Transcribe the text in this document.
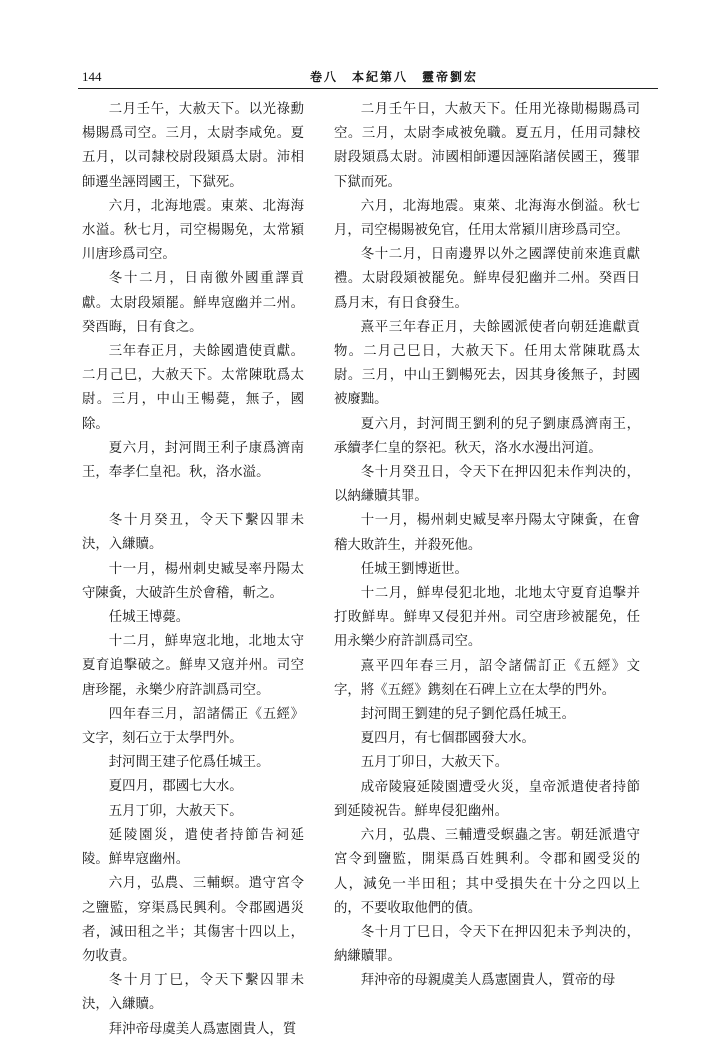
144	卷八　本紀第八　靈帝劉宏

二月壬午，大赦天下。以光祿勳楊賜爲司空。三月，太尉李咸免。夏五月，以司隸校尉段熲爲太尉。沛相師遷坐誣罔國王，下獄死。

六月，北海地震。東萊、北海海水溢。秋七月，司空楊賜免，太常潁川唐珍爲司空。

冬十二月，日南徼外國重譯貢獻。太尉段熲罷。鮮卑寇幽并二州。癸酉晦，日有食之。

三年春正月，夫餘國遣使貢獻。二月己巳，大赦天下。太常陳耽爲太尉。三月，中山王暢薨，無子，國除。

夏六月，封河間王利子康爲濟南王，奉孝仁皇祀。秋，洛水溢。

冬十月癸丑，令天下繫囚罪未決，入縑贖。

十一月，楊州刺史臧旻率丹陽太守陳夤，大破許生於會稽，斬之。

任城王博薨。

十二月，鮮卑寇北地，北地太守夏育追擊破之。鮮卑又寇并州。司空唐珍罷，永樂少府許訓爲司空。

四年春三月，詔諸儒正《五經》文字，刻石立于太學門外。

封河間王建子佗爲任城王。

夏四月，郡國七大水。

五月丁卯，大赦天下。

延陵園災，遣使者持節告祠延陵。鮮卑寇幽州。

六月，弘農、三輔螟。遣守宮令之鹽監，穿渠爲民興利。令郡國遇災者，減田租之半；其傷害十四以上，勿收責。

冬十月丁巳，令天下繫囚罪未決，入縑贖。

拜沖帝母虞美人爲憲園貴人，質

二月壬午日，大赦天下。任用光祿勛楊賜爲司空。三月，太尉李咸被免職。夏五月，任用司隸校尉段熲爲太尉。沛國相師遷因誣陷諸侯國王，獲罪下獄而死。

六月，北海地震。東萊、北海海水倒溢。秋七月，司空楊賜被免官，任用太常潁川唐珍爲司空。

冬十二月，日南邊界以外之國譯使前來進貢獻禮。太尉段熲被罷免。鮮卑侵犯幽并二州。癸酉日爲月末，有日食發生。

熹平三年春正月，夫餘國派使者向朝廷進獻貢物。二月己巳日，大赦天下。任用太常陳耽爲太尉。三月，中山王劉暢死去，因其身後無子，封國被廢黜。

夏六月，封河間王劉利的兒子劉康爲濟南王，承續孝仁皇的祭祀。秋天，洛水水漫出河道。

冬十月癸丑日，令天下在押囚犯未作判决的，以納縑贖其罪。

十一月，楊州刺史臧旻率丹陽太守陳夤，在會稽大敗許生，并殺死他。

任城王劉博逝世。

十二月，鮮卑侵犯北地，北地太守夏育追擊并打敗鮮卑。鮮卑又侵犯并州。司空唐珍被罷免，任用永樂少府許訓爲司空。

熹平四年春三月，詔令諸儒訂正《五經》文字，將《五經》鎸刻在石碑上立在太學的門外。

封河間王劉建的兒子劉佗爲任城王。

夏四月，有七個郡國發大水。

五月丁卯日，大赦天下。

成帝陵寢延陵園遭受火災，皇帝派遣使者持節到延陵祝告。鮮卑侵犯幽州。

六月，弘農、三輔遭受螟蟲之害。朝廷派遣守宮令到鹽監，開渠爲百姓興利。令郡和國受災的人，減免一半田租；其中受損失在十分之四以上的，不要收取他們的債。

冬十月丁巳日，令天下在押囚犯未予判决的，納縑贖罪。

拜沖帝的母親虞美人爲憲園貴人，質帝的母
